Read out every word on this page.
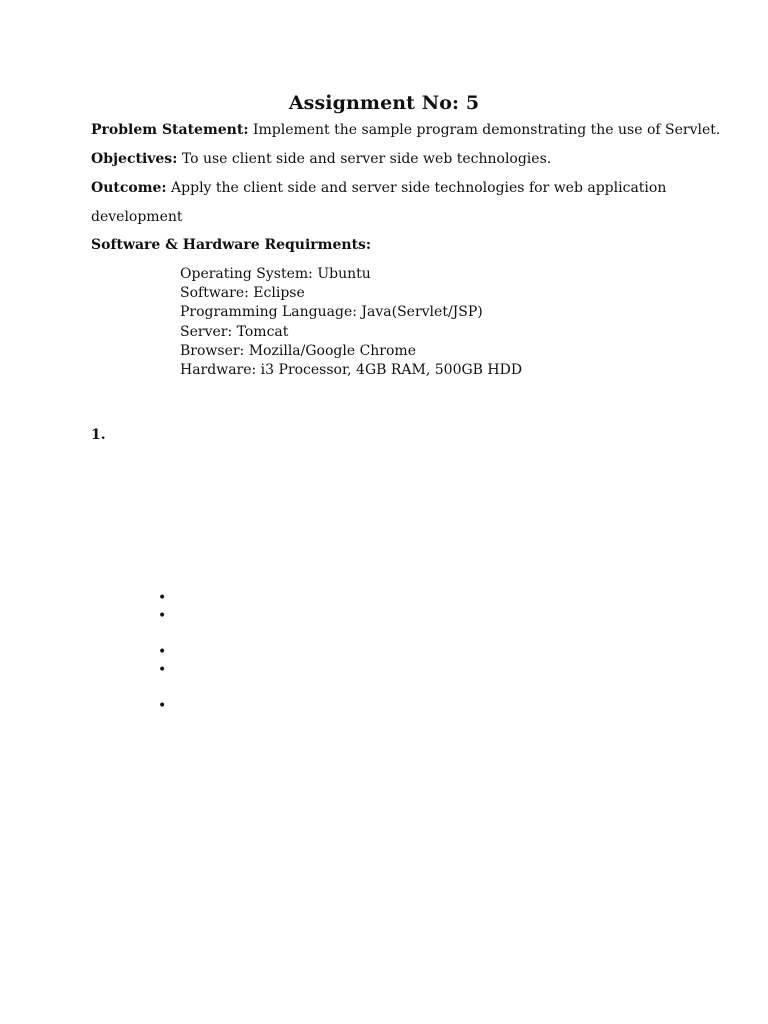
Assignment No: 5
Problem Statement: Implement the sample program demonstrating the use of Servlet.
Objectives: To use client side and server side web technologies.
Outcome: Apply the client side and server side technologies for web application
development
Software & Hardware Requirments:
Operating System: Ubuntu
Software: Eclipse
Programming Language: Java(Servlet/JSP)
Server: Tomcat
Browser: Mozilla/Google Chrome
Hardware: i3 Processor, 4GB RAM, 500GB HDD
1.
•
•
•
•
•
